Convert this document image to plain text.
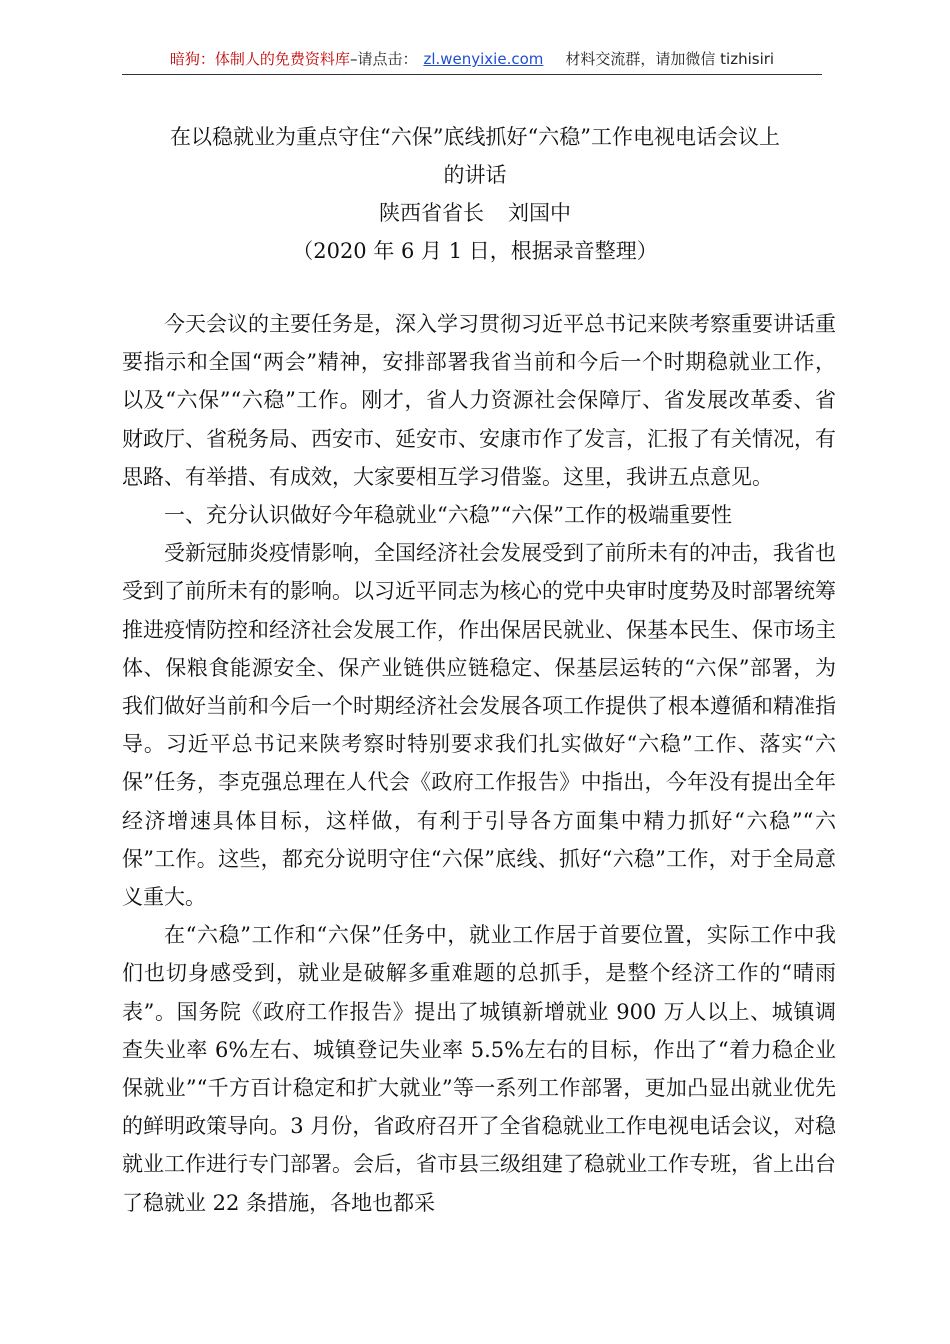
暗狗：体制人的免费资料库–请点击： zl.wenyixie.com 材料交流群，请加微信 tizhisiri
在以稳就业为重点守住“六保”底线抓好“六稳”工作电视电话会议上
的讲话
陕西省省长 刘国中
（2020 年 6 月 1 日，根据录音整理）

今天会议的主要任务是，深入学习贯彻习近平总书记来陕考察重要讲话重要指示和全国“两会”精神，安排部署我省当前和今后一个时期稳就业工作，以及“六保”“六稳”工作。刚才，省人力资源社会保障厅、省发展改革委、省财政厅、省税务局、西安市、延安市、安康市作了发言，汇报了有关情况，有思路、有举措、有成效，大家要相互学习借鉴。这里，我讲五点意见。

一、充分认识做好今年稳就业“六稳”“六保”工作的极端重要性

受新冠肺炎疫情影响，全国经济社会发展受到了前所未有的冲击，我省也受到了前所未有的影响。以习近平同志为核心的党中央审时度势及时部署统筹推进疫情防控和经济社会发展工作，作出保居民就业、保基本民生、保市场主体、保粮食能源安全、保产业链供应链稳定、保基层运转的“六保”部署，为我们做好当前和今后一个时期经济社会发展各项工作提供了根本遵循和精准指导。习近平总书记来陕考察时特别要求我们扎实做好“六稳”工作、落实“六保”任务，李克强总理在人代会《政府工作报告》中指出，今年没有提出全年经济增速具体目标，这样做，有利于引导各方面集中精力抓好“六稳”“六保”工作。这些，都充分说明守住“六保”底线、抓好“六稳”工作，对于全局意义重大。

在“六稳”工作和“六保”任务中，就业工作居于首要位置，实际工作中我们也切身感受到，就业是破解多重难题的总抓手，是整个经济工作的“晴雨表”。国务院《政府工作报告》提出了城镇新增就业 900 万人以上、城镇调查失业率 6%左右、城镇登记失业率 5.5%左右的目标，作出了“着力稳企业保就业”“千方百计稳定和扩大就业”等一系列工作部署，更加凸显出就业优先的鲜明政策导向。3 月份，省政府召开了全省稳就业工作电视电话会议，对稳就业工作进行专门部署。会后，省市县三级组建了稳就业工作专班，省上出台了稳就业 22 条措施，各地也都采
